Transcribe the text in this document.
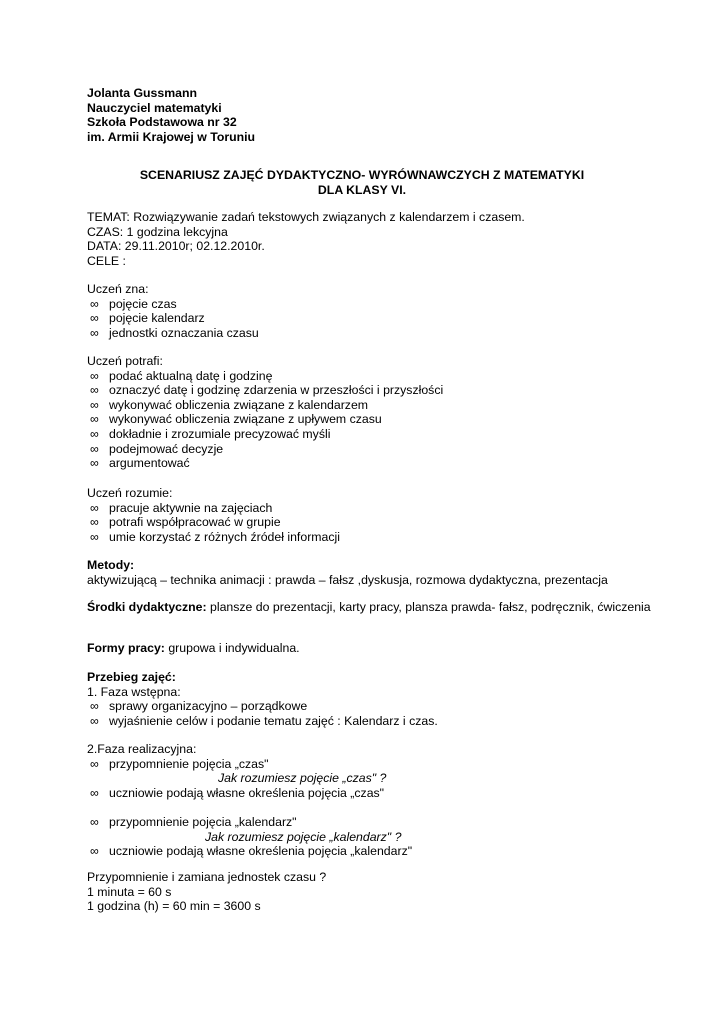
Jolanta Gussmann

Nauczyciel matematyki

Szkoła Podstawowa nr 32

im. Armii Krajowej w Toruniu

SCENARIUSZ ZAJĘĆ DYDAKTYCZNO- WYRÓWNAWCZYCH Z MATEMATYKI

DLA KLASY VI.

TEMAT: Rozwiązywanie zadań tekstowych związanych z kalendarzem i czasem.

CZAS: 1 godzina lekcyjna

DATA: 29.11.2010r; 02.12.2010r.

CELE :

Uczeń zna:

∞ pojęcie czas
∞ pojęcie kalendarz
∞ jednostki oznaczania czasu

Uczeń potrafi:

∞ podać aktualną datę i godzinę
∞ oznaczyć datę i godzinę zdarzenia w przeszłości i przyszłości
∞ wykonywać obliczenia związane z kalendarzem
∞ wykonywać obliczenia związane z upływem czasu
∞ dokładnie i zrozumiale precyzować myśli
∞ podejmować decyzje
∞ argumentować

Uczeń rozumie:

∞ pracuje aktywnie na zajęciach
∞ potrafi współpracować w grupie
∞ umie korzystać z różnych źródeł informacji

Metody:

aktywizującą – technika animacji : prawda – fałsz ,dyskusja, rozmowa dydaktyczna, prezentacja

Środki dydaktyczne: plansze do prezentacji, karty pracy, plansza prawda- fałsz, podręcznik, ćwiczenia

Formy pracy: grupowa i indywidualna.

Przebieg zajęć:

1. Faza wstępna:

∞ sprawy organizacyjno – porządkowe
∞ wyjaśnienie celów i podanie tematu zajęć : Kalendarz i czas.

2.Faza realizacyjna:

∞ przypomnienie pojęcia „czas"

Jak rozumiesz pojęcie „czas" ?

∞ uczniowie podają własne określenia pojęcia „czas"
∞ przypomnienie pojęcia „kalendarz"

Jak rozumiesz pojęcie „kalendarz" ?

∞ uczniowie podają własne określenia pojęcia „kalendarz"

Przypomnienie i zamiana jednostek czasu ?

1 minuta = 60 s

1 godzina (h) = 60 min = 3600 s
